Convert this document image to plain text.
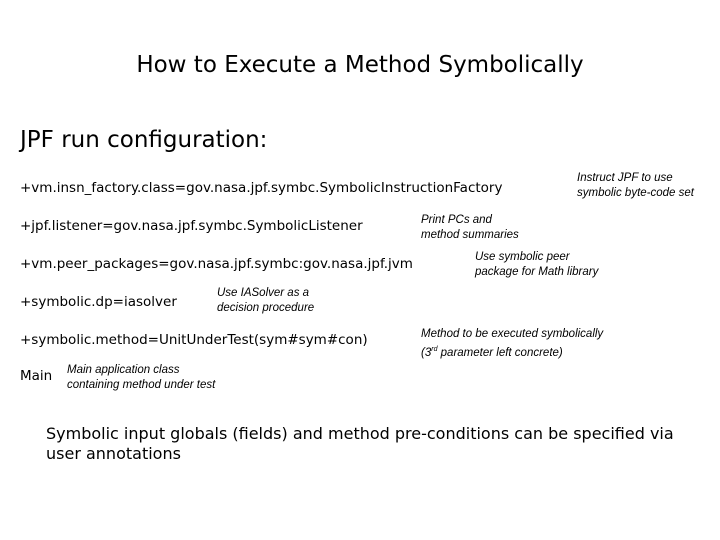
How to Execute a Method Symbolically
JPF run configuration:
+vm.insn_factory.class=gov.nasa.jpf.symbc.SymbolicInstructionFactory
+jpf.listener=gov.nasa.jpf.symbc.SymbolicListener
+vm.peer_packages=gov.nasa.jpf.symbc:gov.nasa.jpf.jvm
+symbolic.dp=iasolver
+symbolic.method=UnitUnderTest(sym#sym#con)
Main
Instruct JPF to use
symbolic byte-code set
Print PCs and
method summaries
Use symbolic peer
package for Math library
Use IASolver as a
decision procedure
Method to be executed symbolically
(3rd parameter left concrete)
Main application class
containing method under test
Symbolic input globals (fields) and method pre-conditions can be specified via
user annotations
